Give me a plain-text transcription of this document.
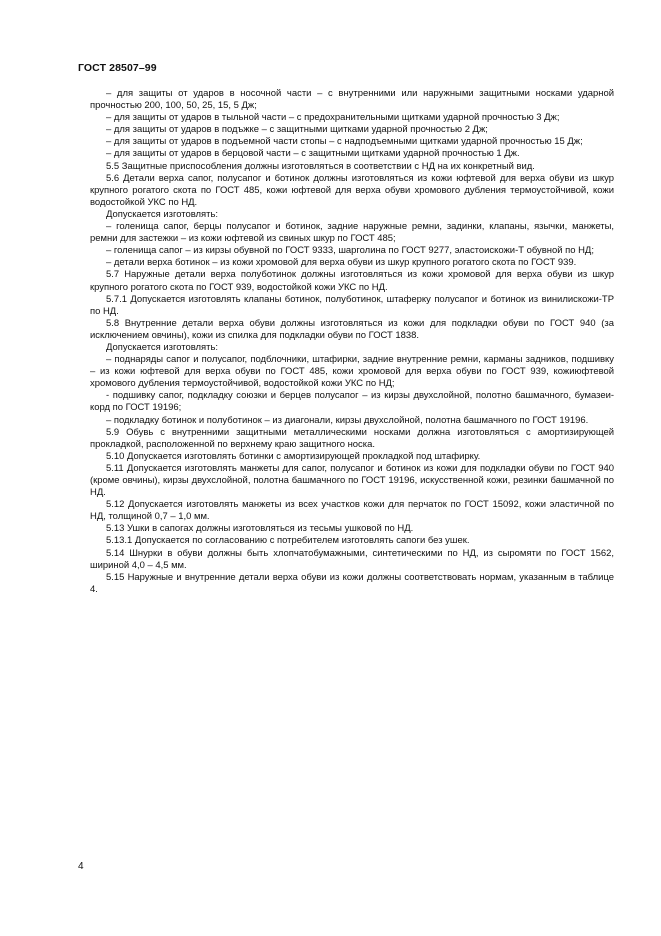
ГОСТ 28507–99

– для защиты от ударов в носочной части – с внутренними или наружными защитными носками ударной прочностью 200, 100, 50, 25, 15, 5 Дж;

– для защиты от ударов в тыльной части – с предохранительными щитками ударной прочностью 3 Дж;

– для защиты от ударов в подъжке – с защитными щитками ударной прочностью 2 Дж;

– для защиты от ударов в подъемной части стопы – с надподъемными щитками ударной прочностью 15 Дж;

– для защиты от ударов в берцовой части – с защитными щитками ударной прочностью 1 Дж.

5.5 Защитные приспособления должны изготовляться в соответствии с НД на их конкретный вид.

5.6 Детали верха сапог, полусапог и ботинок должны изготовляться из кожи юфтевой для верха обуви из шкур крупного рогатого скота по ГОСТ 485, кожи юфтевой для верха обуви хромового дубления термоустойчивой, кожи водостойкой УКС по НД.

Допускается изготовлять:

– голенища сапог, берцы полусапог и ботинок, задние наружные ремни, задинки, клапаны, язычки, манжеты, ремни для застежки – из кожи юфтевой из свиных шкур по ГОСТ 485;

– голенища сапог – из кирзы обувной по ГОСТ 9333, шарголина по ГОСТ 9277, эластоискожи-Т обувной по НД;

– детали верха ботинок – из кожи хромовой для верха обуви из шкур крупного рогатого скота по ГОСТ 939.

5.7 Наружные детали верха полуботинок должны изготовляться из кожи хромовой для верха обуви из шкур крупного рогатого скота по ГОСТ 939, водостойкой кожи УКС по НД.

5.7.1 Допускается изготовлять клапаны ботинок, полуботинок, штаферку полусапог и ботинок из винилискожи-ТР по НД.

5.8 Внутренние детали верха обуви должны изготовляться из кожи для подкладки обуви по ГОСТ 940 (за исключением овчины), кожи из спилка для подкладки обуви по ГОСТ 1838.

Допускается изготовлять:

– поднаряды сапог и полусапог, подблочники, штафирки, задние внутренние ремни, карманы задников, подшивку – из кожи юфтевой для верха обуви по ГОСТ 485, кожи хромовой для верха обуви по ГОСТ 939, кожиюфтевой хромового дубления термоустойчивой, водостойкой кожи УКС по НД;

- подшивку сапог, подкладку союзки и берцев полусапог – из кирзы двухслойной, полотно башмачного, бумазеи-корд по ГОСТ 19196;

– подкладку ботинок и полуботинок – из диагонали, кирзы двухслойной, полотна башмачного по ГОСТ 19196.

5.9 Обувь с внутренними защитными металлическими носками должна изготовляться с амортизирующей прокладкой, расположенной по верхнему краю защитного носка.

5.10 Допускается изготовлять ботинки с амортизирующей прокладкой под штафирку.

5.11 Допускается изготовлять манжеты для сапог, полусапог и ботинок из кожи для подкладки обуви по ГОСТ 940 (кроме овчины), кирзы двухслойной, полотна башмачного по ГОСТ 19196, искусственной кожи, резинки башмачной по НД.

5.12 Допускается изготовлять манжеты из всех участков кожи для перчаток по ГОСТ 15092, кожи эластичной по НД, толщиной 0,7 – 1,0 мм.

5.13 Ушки в сапогах должны изготовляться из тесьмы ушковой по НД.

5.13.1 Допускается по согласованию с потребителем изготовлять сапоги без ушек.

5.14 Шнурки в обуви должны быть хлопчатобумажными, синтетическими по НД, из сыромяти по ГОСТ 1562, шириной 4,0 – 4,5 мм.

5.15 Наружные и внутренние детали верха обуви из кожи должны соответствовать нормам, указанным в таблице 4.

4
